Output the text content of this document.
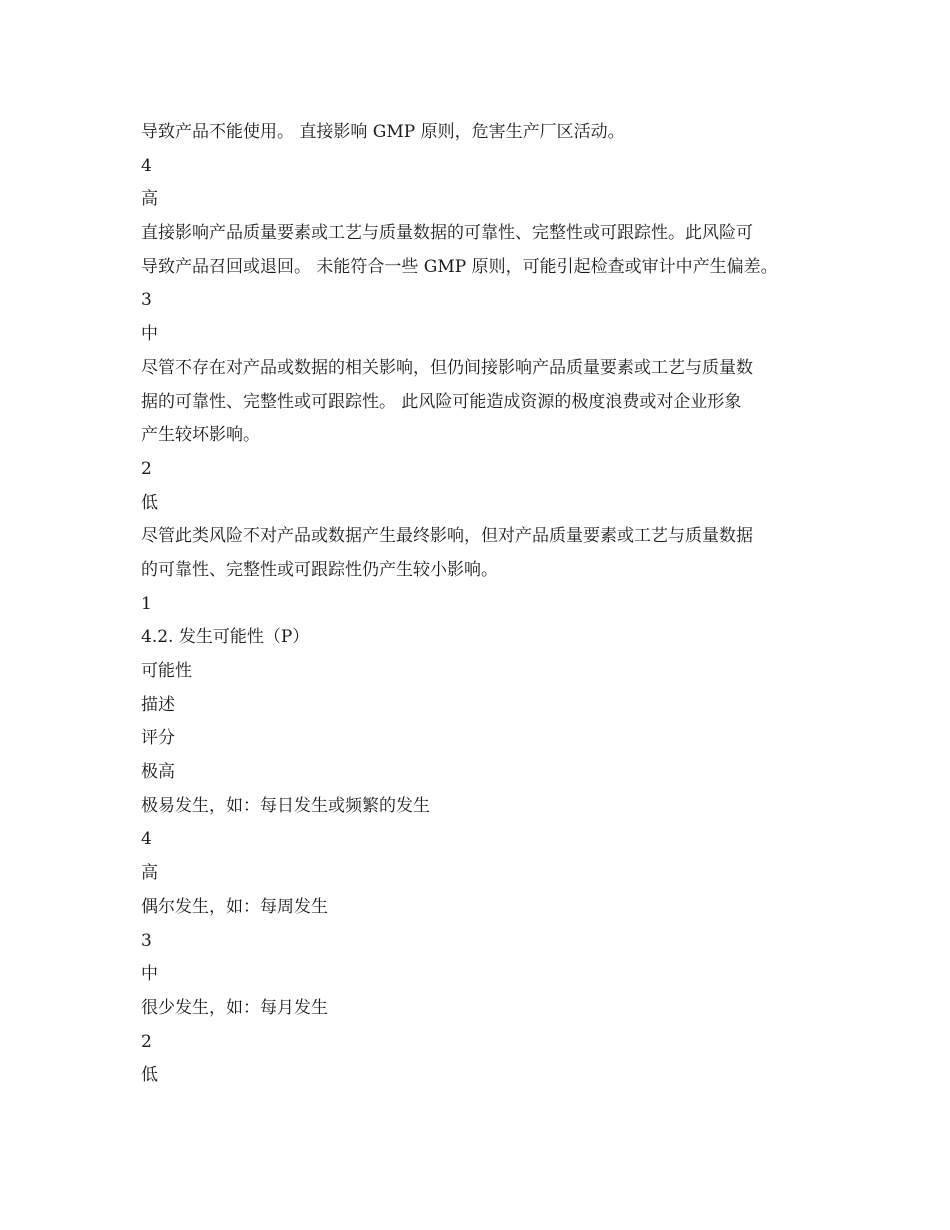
导致产品不能使用。 直接影响 GMP 原则，危害生产厂区活动。
4
高
直接影响产品质量要素或工艺与质量数据的可靠性、完整性或可跟踪性。此风险可
导致产品召回或退回。 未能符合一些 GMP 原则，可能引起检查或审计中产生偏差。
3
中
尽管不存在对产品或数据的相关影响，但仍间接影响产品质量要素或工艺与质量数
据的可靠性、完整性或可跟踪性。 此风险可能造成资源的极度浪费或对企业形象
产生较坏影响。
2
低
尽管此类风险不对产品或数据产生最终影响，但对产品质量要素或工艺与质量数据
的可靠性、完整性或可跟踪性仍产生较小影响。
1
4.2. 发生可能性（P）
可能性
描述
评分
极高
极易发生，如：每日发生或频繁的发生
4
高
偶尔发生，如：每周发生
3
中
很少发生，如：每月发生
2
低
